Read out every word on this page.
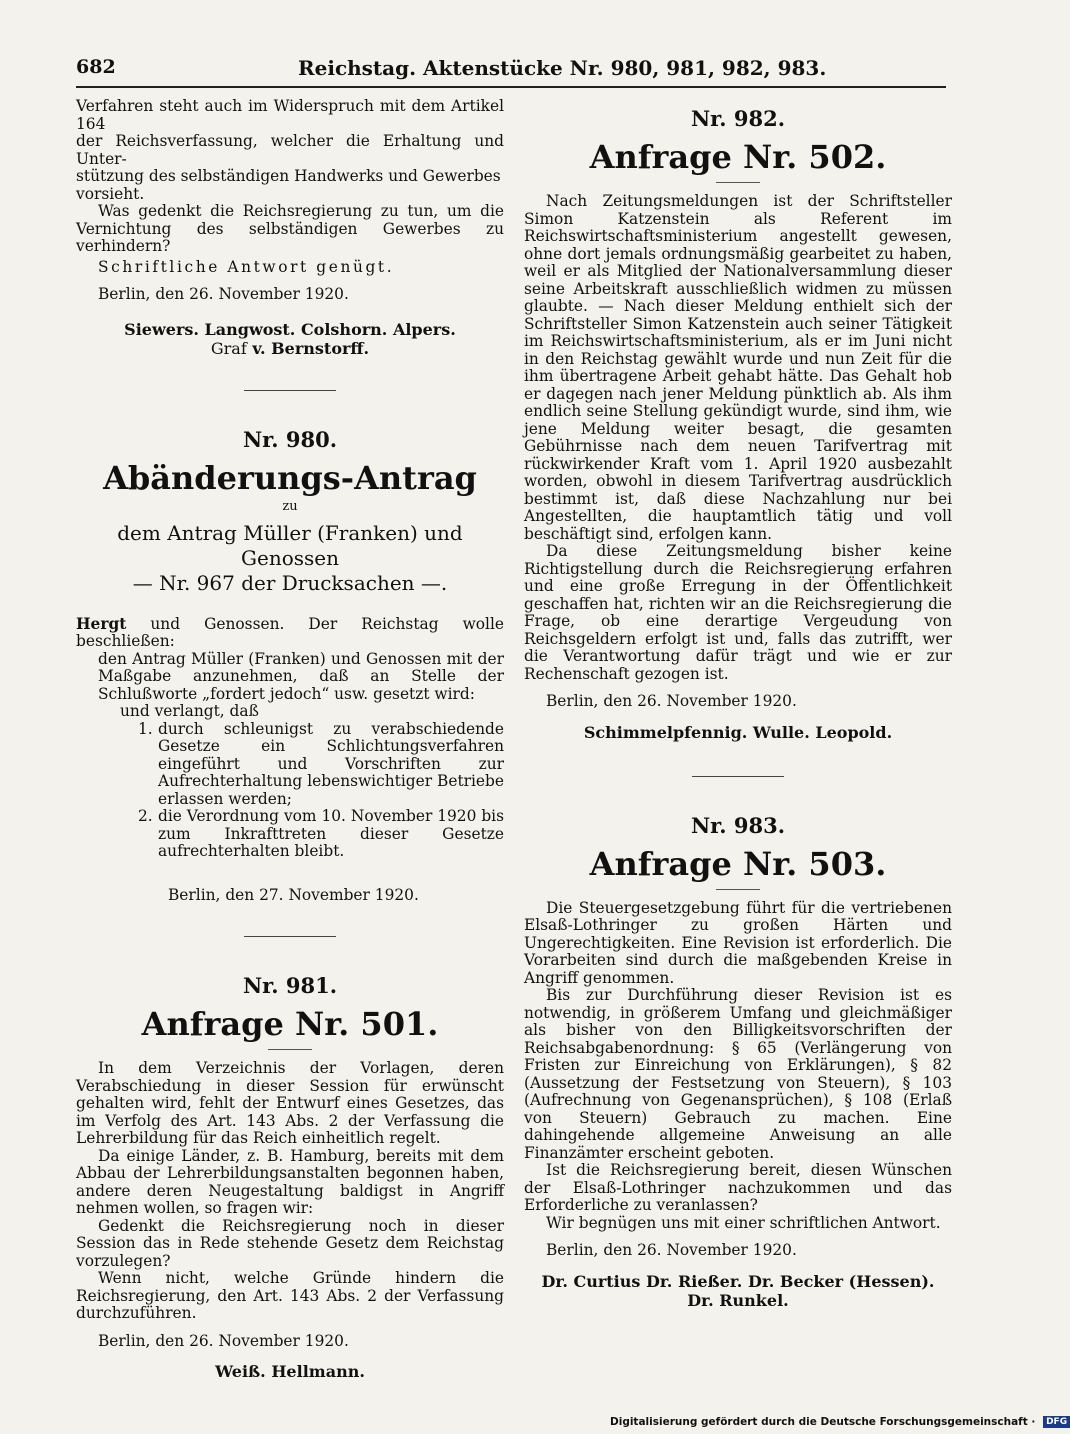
682	Reichstag. Aktenstücke Nr. 980, 981, 982, 983.
Verfahren steht auch im Widerspruch mit dem Artikel 164
der Reichsverfassung, welcher die Erhaltung und Unter-
stützung des selbständigen Handwerks und Gewerbes
vorsieht.

Was gedenkt die Reichsregierung zu tun, um die Vernichtung des selbständigen Gewerbes zu verhindern?

Schriftliche Antwort genügt.

Berlin, den 26. November 1920.

Siewers. Langwost. Colshorn. Alpers.
Graf v. Bernstorff.

Nr. 980.

Abänderungs-Antrag

zu

dem Antrag Müller (Franken) und Genossen

— Nr. 967 der Drucksachen —.

Hergt und Genossen. Der Reichstag wolle beschließen:

den Antrag Müller (Franken) und Genossen mit der Maßgabe anzunehmen, daß an Stelle der Schlußworte „fordert jedoch“ usw. gesetzt wird:

und verlangt, daß

1. durch schleunigst zu verabschiedende Gesetze ein Schlichtungsverfahren eingeführt und Vorschriften zur Aufrechterhaltung lebenswichtiger Betriebe erlassen werden;

2. die Verordnung vom 10. November 1920 bis zum Inkrafttreten dieser Gesetze aufrechterhalten bleibt.

Berlin, den 27. November 1920.

Nr. 981.

Anfrage Nr. 501.

In dem Verzeichnis der Vorlagen, deren Verabschiedung in dieser Session für erwünscht gehalten wird, fehlt der Entwurf eines Gesetzes, das im Verfolg des Art. 143 Abs. 2 der Verfassung die Lehrerbildung für das Reich einheitlich regelt.

Da einige Länder, z. B. Hamburg, bereits mit dem Abbau der Lehrerbildungsanstalten begonnen haben, andere deren Neugestaltung baldigst in Angriff nehmen wollen, so fragen wir:

Gedenkt die Reichsregierung noch in dieser Session das in Rede stehende Gesetz dem Reichstag vorzulegen?

Wenn nicht, welche Gründe hindern die Reichsregierung, den Art. 143 Abs. 2 der Verfassung durchzuführen.

Berlin, den 26. November 1920.

Weiß. Hellmann.

Nr. 982.

Anfrage Nr. 502.

Nach Zeitungsmeldungen ist der Schriftsteller Simon Katzenstein als Referent im Reichswirtschaftsministerium angestellt gewesen, ohne dort jemals ordnungsmäßig gearbeitet zu haben, weil er als Mitglied der Nationalversammlung dieser seine Arbeitskraft ausschließlich widmen zu müssen glaubte. — Nach dieser Meldung enthielt sich der Schriftsteller Simon Katzenstein auch seiner Tätigkeit im Reichswirtschaftsministerium, als er im Juni nicht in den Reichstag gewählt wurde und nun Zeit für die ihm übertragene Arbeit gehabt hätte. Das Gehalt hob er dagegen nach jener Meldung pünktlich ab. Als ihm endlich seine Stellung gekündigt wurde, sind ihm, wie jene Meldung weiter besagt, die gesamten Gebührnisse nach dem neuen Tarifvertrag mit rückwirkender Kraft vom 1. April 1920 ausbezahlt worden, obwohl in diesem Tarifvertrag ausdrücklich bestimmt ist, daß diese Nachzahlung nur bei Angestellten, die hauptamtlich tätig und voll beschäftigt sind, erfolgen kann.

Da diese Zeitungsmeldung bisher keine Richtigstellung durch die Reichsregierung erfahren und eine große Erregung in der Öffentlichkeit geschaffen hat, richten wir an die Reichsregierung die Frage, ob eine derartige Vergeudung von Reichsgeldern erfolgt ist und, falls das zutrifft, wer die Verantwortung dafür trägt und wie er zur Rechenschaft gezogen ist.

Berlin, den 26. November 1920.

Schimmelpfennig. Wulle. Leopold.

Nr. 983.

Anfrage Nr. 503.

Die Steuergesetzgebung führt für die vertriebenen Elsaß-Lothringer zu großen Härten und Ungerechtigkeiten. Eine Revision ist erforderlich. Die Vorarbeiten sind durch die maßgebenden Kreise in Angriff genommen.

Bis zur Durchführung dieser Revision ist es notwendig, in größerem Umfang und gleichmäßiger als bisher von den Billigkeitsvorschriften der Reichsabgabenordnung: § 65 (Verlängerung von Fristen zur Einreichung von Erklärungen), § 82 (Aussetzung der Festsetzung von Steuern), § 103 (Aufrechnung von Gegenansprüchen), § 108 (Erlaß von Steuern) Gebrauch zu machen. Eine dahingehende allgemeine Anweisung an alle Finanzämter erscheint geboten.

Ist die Reichsregierung bereit, diesen Wünschen der Elsaß-Lothringer nachzukommen und das Erforderliche zu veranlassen?

Wir begnügen uns mit einer schriftlichen Antwort.

Berlin, den 26. November 1920.

Dr. Curtius Dr. Rießer. Dr. Becker (Hessen).
Dr. Runkel.
Digitalisierung gefördert durch die Deutsche Forschungsgemeinschaft · DFG
